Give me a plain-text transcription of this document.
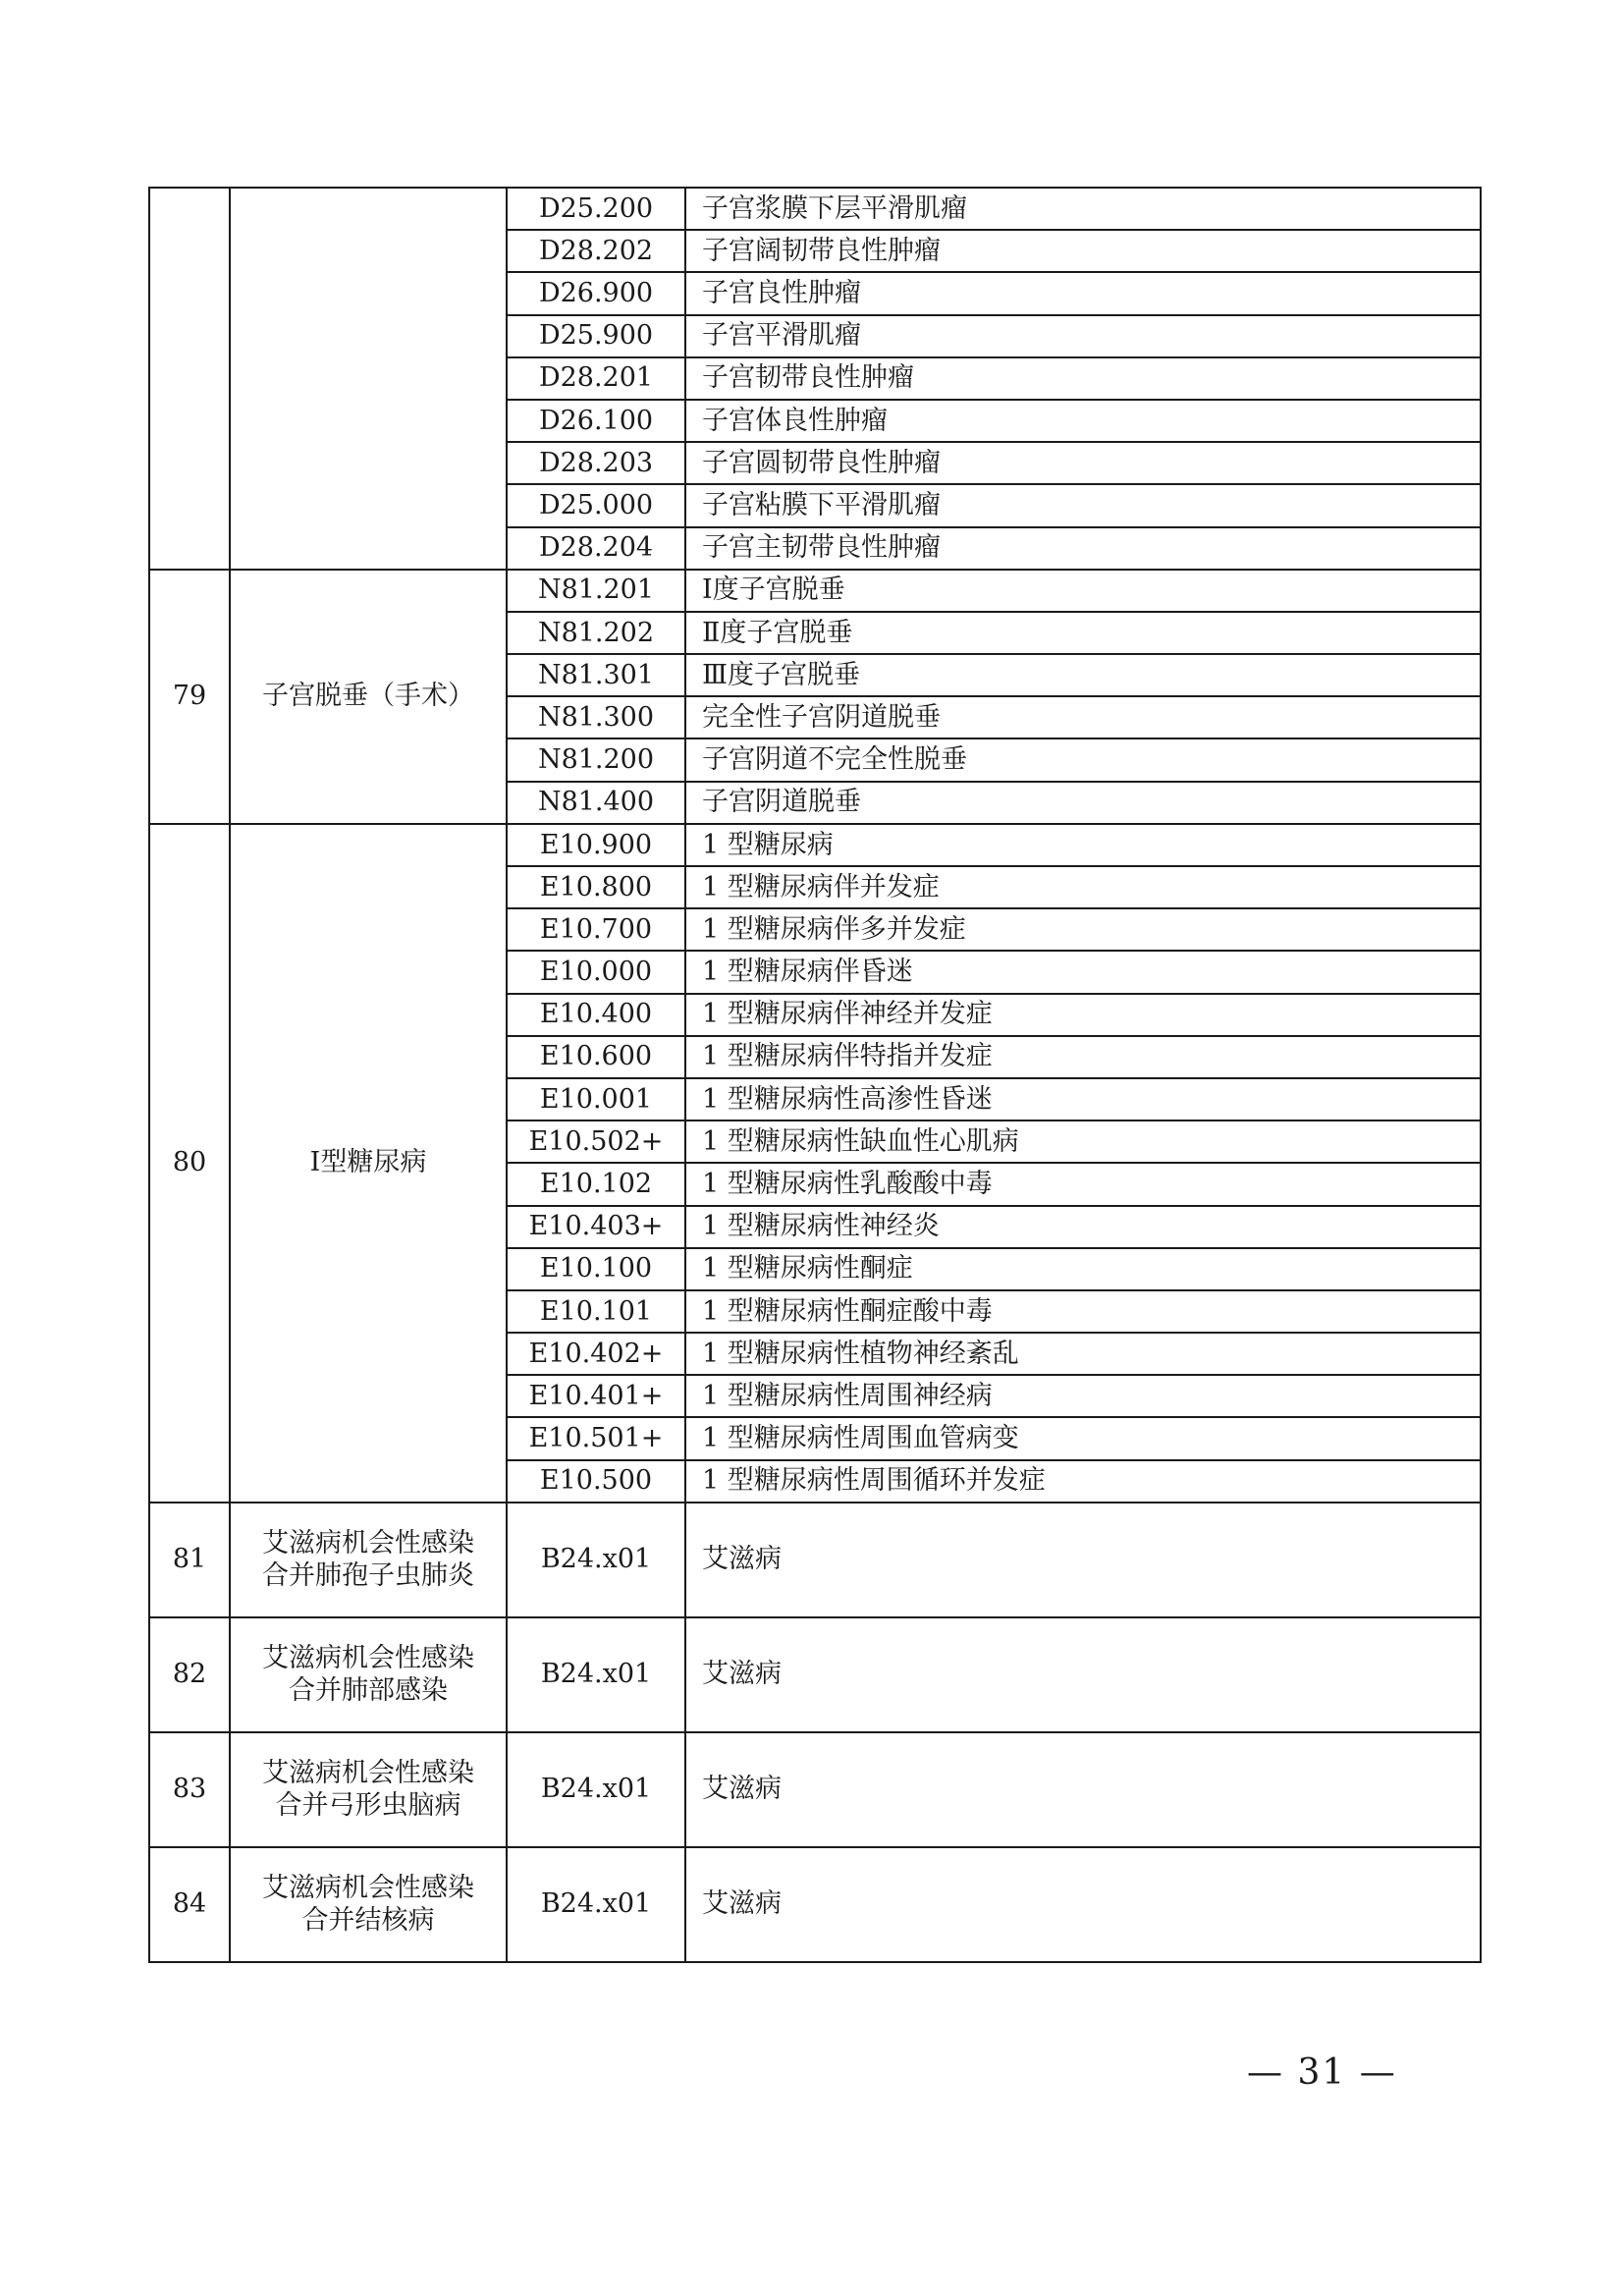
		D25.200	子宫浆膜下层平滑肌瘤
		D28.202	子宫阔韧带良性肿瘤
		D26.900	子宫良性肿瘤
		D25.900	子宫平滑肌瘤
		D28.201	子宫韧带良性肿瘤
		D26.100	子宫体良性肿瘤
		D28.203	子宫圆韧带良性肿瘤
		D25.000	子宫粘膜下平滑肌瘤
		D28.204	子宫主韧带良性肿瘤
79	子宫脱垂（手术）	N81.201	Ⅰ度子宫脱垂
		N81.202	Ⅱ度子宫脱垂
		N81.301	Ⅲ度子宫脱垂
		N81.300	完全性子宫阴道脱垂
		N81.200	子宫阴道不完全性脱垂
		N81.400	子宫阴道脱垂
80	Ⅰ型糖尿病	E10.900	1 型糖尿病
		E10.800	1 型糖尿病伴并发症
		E10.700	1 型糖尿病伴多并发症
		E10.000	1 型糖尿病伴昏迷
		E10.400	1 型糖尿病伴神经并发症
		E10.600	1 型糖尿病伴特指并发症
		E10.001	1 型糖尿病性高渗性昏迷
		E10.502+	1 型糖尿病性缺血性心肌病
		E10.102	1 型糖尿病性乳酸酸中毒
		E10.403+	1 型糖尿病性神经炎
		E10.100	1 型糖尿病性酮症
		E10.101	1 型糖尿病性酮症酸中毒
		E10.402+	1 型糖尿病性植物神经紊乱
		E10.401+	1 型糖尿病性周围神经病
		E10.501+	1 型糖尿病性周围血管病变
		E10.500	1 型糖尿病性周围循环并发症
81	艾滋病机会性感染
合并肺孢子虫肺炎	B24.x01	艾滋病
82	艾滋病机会性感染
合并肺部感染	B24.x01	艾滋病
83	艾滋病机会性感染
合并弓形虫脑病	B24.x01	艾滋病
84	艾滋病机会性感染
合并结核病	B24.x01	艾滋病
— 31 —
